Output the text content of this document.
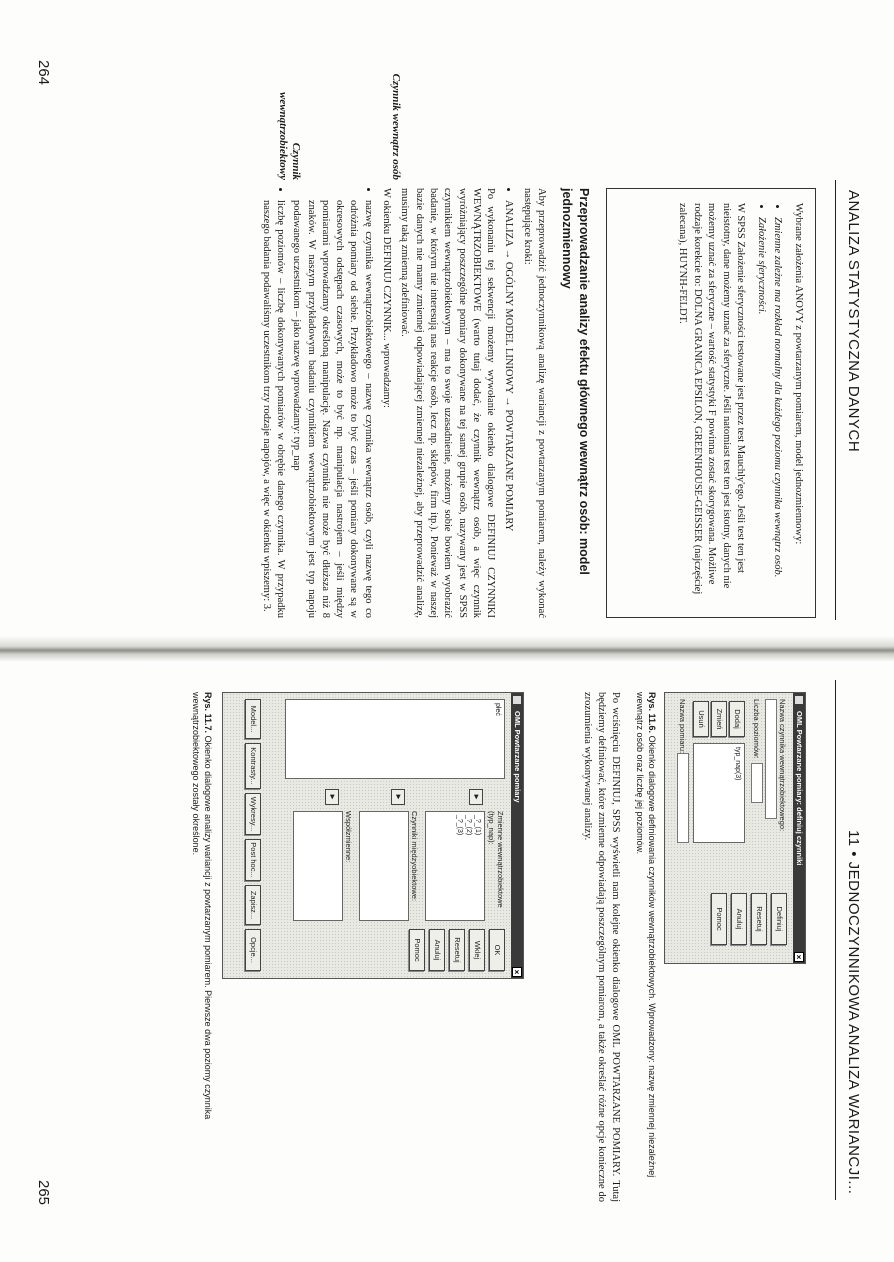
ANALIZA STATYSTYCZNA DANYCH

Wybrane założenia ANOVY z powtarzanym pomiarem, model jednozmiennowy:

• Zmienne zależne ma rozkład normalny dla każdego poziomu czynnika wewnątrz osób.
• Założenie sferyczności.

W SPSS Założenie sferyczności testowane jest przez test Mauchly'ego. Jeśli test ten jest nieistotny, dane możemy uznać za sferyczne. Jeśli natomiast test ten jest istotny, danych nie możemy uznać za sferyczne – wartość statystyki F powinna zostać skorygowana. Możliwe rodzaje korekcie to: DOLNA GRANICA EPSILON, GREENHOUSE-GEISSER (najczęściej zalecana), HUYNH-FELDT.

Przeprowadzanie analizy efektu głównego wewnątrz osób: model jednozmiennowy

Aby przeprowadzić jednoczynnikową analizę wariancji z powtarzanym pomiarem, należy wykonać następujące kroki:

• ANALIZA → OGÓLNY MODEL LINIOWY → POWTARZANE POMIARY

Po wykonaniu tej sekwencji możemy wywołanie okienko dialogowe DEFINIUJ CZYNNIKI WEWNĄTRZOBIEKTOWE (warto tutaj dodać, że czynnik wewnątrz osób, a więc czynnik wyróżniający poszczególne pomiary dokonywane na tej samej grupie osób, nazywany jest w SPSS czynnikiem wewnątrzobiektowym – ma to swoje uzasadnienie, możemy sobie bowiem wyobrazić badanie, w którym nie interesują nas reakcje osób, lecz np. sklepów, firm itp.). Ponieważ w naszej bazie danych nie mamy zmiennej odpowiadającej zmiennej niezależnej, aby przeprowadzić analizę, musimy taką zmienną zdefiniować.

W okienku DEFINIUJ CZYNNIK... wprowadzamy:

• nazwę czynnika wewnątrzobiektowego – nazwę czynnika wewnątrz osób, czyli nazwę tego co odróżnia pomiary od siebie. Przykładowo może to być czas – jeśli pomiary dokonywane są w okresowych odstępach czasowych, może to być np. manipulacja nastrojem – jeśli między pomiarami wprowadzamy określoną manipulację. Nazwa czynnika nie może być dłuższa niż 8 znaków. W naszym przykładowym badaniu czynnikiem wewnątrzobiektowym jest typ napoju podawanego uczestnikom – jako nazwę wprowadzamy: typ_nap
• liczbę poziomów – liczbę dokonywanych pomiarów w obrębie danego czynnika. W przypadku naszego badania podawaliśmy uczestnikom trzy rodzaje napojów, a więc w okienku wpiszemy: 3.
Czynnik wewnątrz osób
Czynnik wewnątrzobiektowy
264
11 • JEDNOCZYNNIKOWA ANALIZA WARIANCJI...
OML Powtarzane pomiary: definiuj czynniki
×
Nazwa czynnika wewnątrzobiektowego:
Liczba poziomów:
Dodaj
Zmień
Usuń
typ_nap(3)
Nazwa pomiaru:
Definiuj
Resetuj
Anuluj
Pomoc
Rys. 11.6. Okienko dialogowe definiowania czynników wewnątrzobiektowych. Wprowadzony: nazwę zmiennej niezależnej wewnątrz osób oraz liczbę jej poziomów.
Po wciśnięciu DEFINIUJ, SPSS wyświetli nam kolejne okienko dialogowe OML POWTARZANE POMIARY. Tutaj będziemy definiować, które zmienne odpowiadają poszczególnym pomiarom, a także określać różne opcje konieczne do zrozumienia wykonywanej analizy.
OML Powtarzane pomiary
×
płeć
Zmienne wewnątrzobiektowe
(typ_nap):
►
_?_(1)
_?_(2)
_?_(3)
Czynniki międzyobiektowe:
►
Współzmienne:
►
OK
Wklej
Resetuj
Anuluj
Pomoc
Model...
Kontrasty...
Wykresy...
Post hoc...
Zapisz...
Opcje...
Rys. 11.7. Okienko dialogowe analizy wariancji z powtarzanym pomiarem. Pierwsze dwa poziomy czynnika wewnątrzobiektowego zostały określone.
265
